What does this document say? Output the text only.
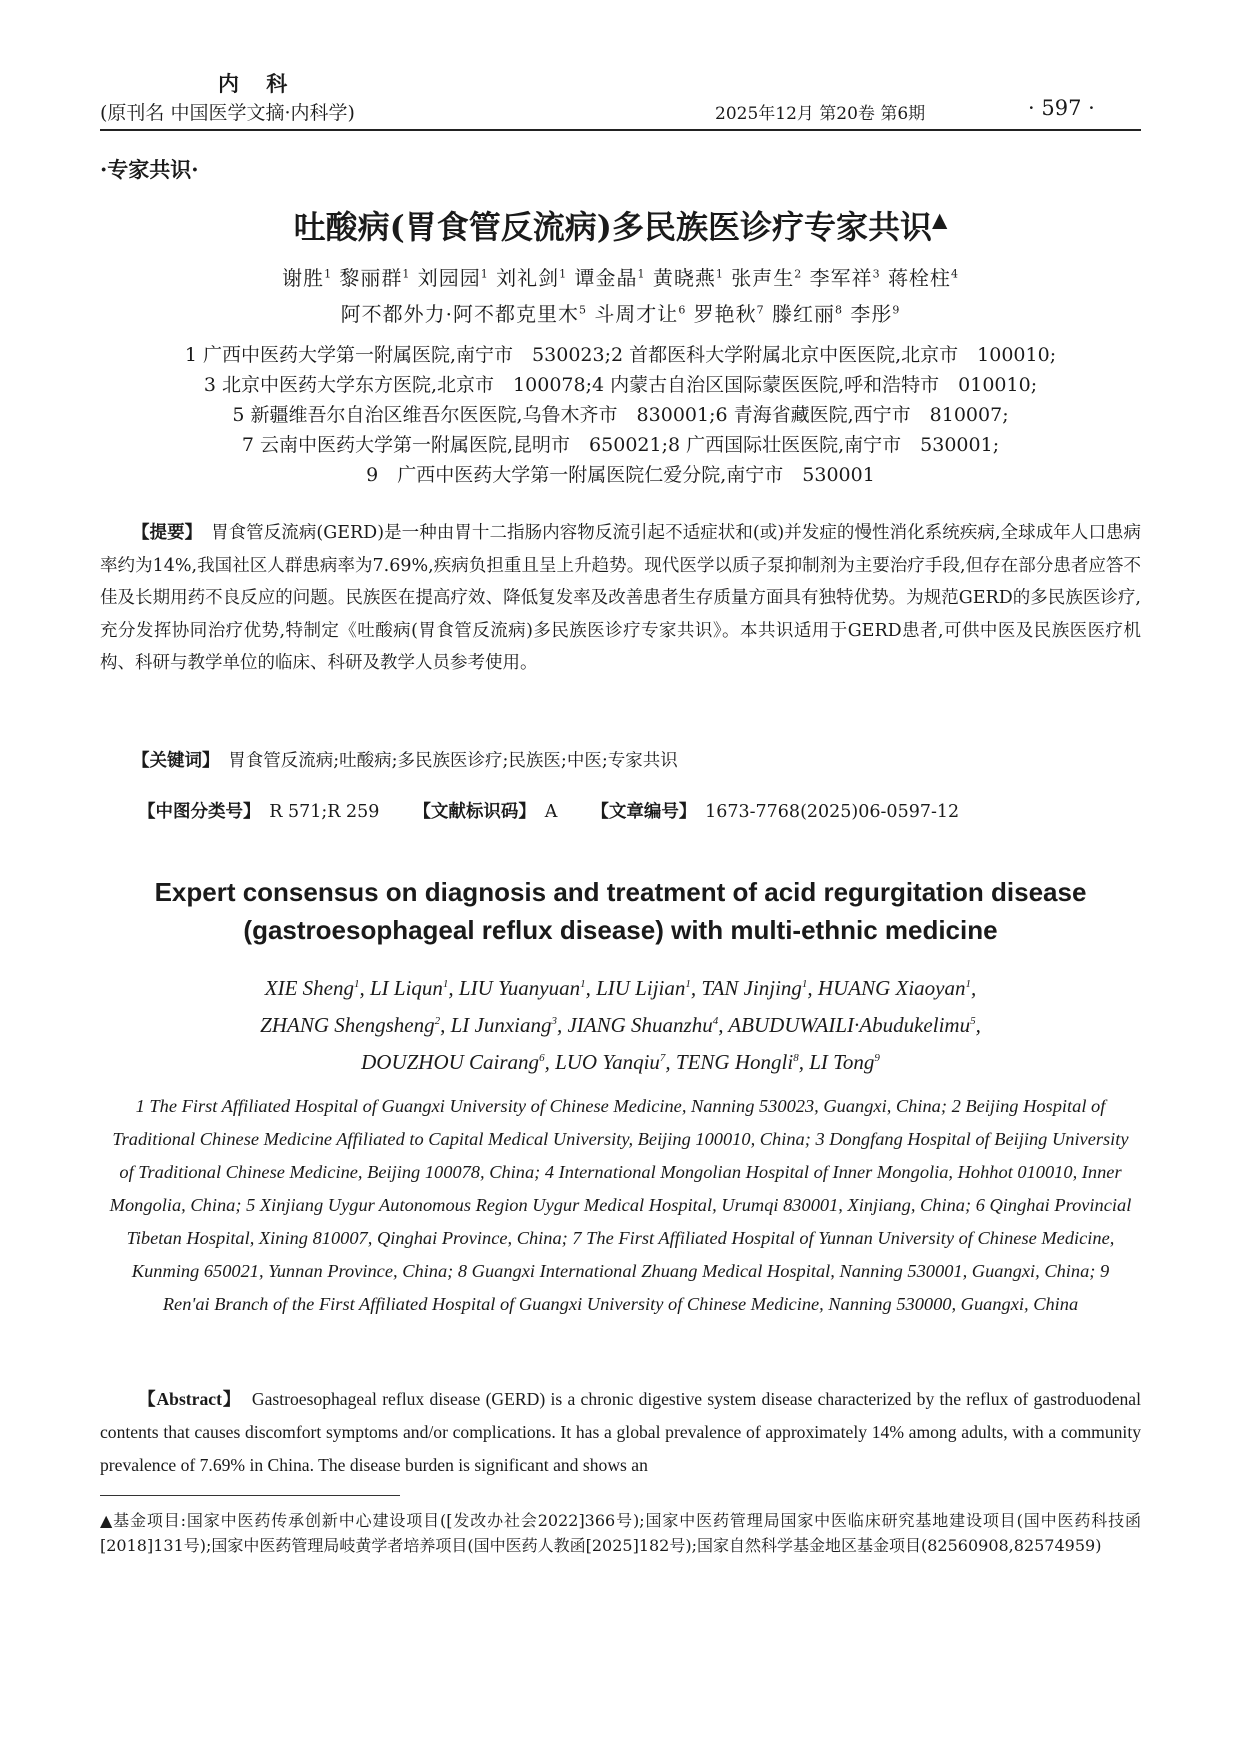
内 科
(原刊名 中国医学文摘·内科学)	2025年12月 第20卷 第6期	· 597 ·
·专家共识·
吐酸病(胃食管反流病)多民族医诊疗专家共识▲
谢胜$^1$ 黎丽群$^1$ 刘园园$^1$ 刘礼剑$^1$ 谭金晶$^1$ 黄晓燕$^1$ 张声生$^2$ 李军祥$^3$ 蒋栓柱$^4$
阿不都外力·阿不都克里木$^5$ 斗周才让$^6$ 罗艳秋$^7$ 滕红丽$^8$ 李彤$^9$
1 广西中医药大学第一附属医院,南宁市　530023;2 首都医科大学附属北京中医医院,北京市　100010;
3 北京中医药大学东方医院,北京市　100078;4 内蒙古自治区国际蒙医医院,呼和浩特市　010010;
5 新疆维吾尔自治区维吾尔医医院,乌鲁木齐市　830001;6 青海省藏医院,西宁市　810007;
7 云南中医药大学第一附属医院,昆明市　650021;8 广西国际壮医医院,南宁市　530001;
9　广西中医药大学第一附属医院仁爱分院,南宁市　530001
【提要】　 胃食管反流病(GERD)是一种由胃十二指肠内容物反流引起不适症状和(或)并发症的慢性消化系统疾病,全球成年人口患病率约为14%,我国社区人群患病率为7.69%,疾病负担重且呈上升趋势。现代医学以质子泵抑制剂为主要治疗手段,但存在部分患者应答不佳及长期用药不良反应的问题。民族医在提高疗效、降低复发率及改善患者生存质量方面具有独特优势。为规范GERD的多民族医诊疗,充分发挥协同治疗优势,特制定《吐酸病(胃食管反流病)多民族医诊疗专家共识》。本共识适用于GERD患者,可供中医及民族医医疗机构、科研与教学单位的临床、科研及教学人员参考使用。
【关键词】　 胃食管反流病;吐酸病;多民族医诊疗;民族医;中医;专家共识
【中图分类号】　 R 571;R 259 【文献标识码】　 A 【文章编号】　 1673-7768(2025)06-0597-12
Expert consensus on diagnosis and treatment of acid regurgitation disease
(gastroesophageal reflux disease) with multi-ethnic medicine
XIE Sheng$^1$, LI Liqun$^1$, LIU Yuanyuan$^1$, LIU Lijian$^1$, TAN Jinjing$^1$, HUANG Xiaoyan$^1$,
ZHANG Shengsheng$^2$, LI Junxiang$^3$, JIANG Shuanzhu$^4$, ABUDUWAILI·Abudukelimu$^5$,
DOUZHOU Cairang$^6$, LUO Yanqiu$^7$, TENG Hongli$^8$, LI Tong$^9$
1 The First Affiliated Hospital of Guangxi University of Chinese Medicine, Nanning 530023, Guangxi, China; 2 Beijing Hospital of Traditional Chinese Medicine Affiliated to Capital Medical University, Beijing 100010, China; 3 Dongfang Hospital of Beijing University of Traditional Chinese Medicine, Beijing 100078, China; 4 International Mongolian Hospital of Inner Mongolia, Hohhot 010010, Inner Mongolia, China; 5 Xinjiang Uygur Autonomous Region Uygur Medical Hospital, Urumqi 830001, Xinjiang, China; 6 Qinghai Provincial Tibetan Hospital, Xining 810007, Qinghai Province, China; 7 The First Affiliated Hospital of Yunnan University of Chinese Medicine, Kunming 650021, Yunnan Province, China; 8 Guangxi International Zhuang Medical Hospital, Nanning 530001, Guangxi, China; 9 Ren'ai Branch of the First Affiliated Hospital of Guangxi University of Chinese Medicine, Nanning 530000, Guangxi, China
【Abstract】 Gastroesophageal reflux disease (GERD) is a chronic digestive system disease characterized by the reflux of gastroduodenal contents that causes discomfort symptoms and/or complications. It has a global prevalence of approximately 14% among adults, with a community prevalence of 7.69% in China. The disease burden is significant and shows an
▲基金项目:国家中医药传承创新中心建设项目([发改办社会2022]366号);国家中医药管理局国家中医临床研究基地建设项目(国中医药科技函[2018]131号);国家中医药管理局岐黄学者培养项目(国中医药人教函[2025]182号);国家自然科学基金地区基金项目(82560908,82574959)
